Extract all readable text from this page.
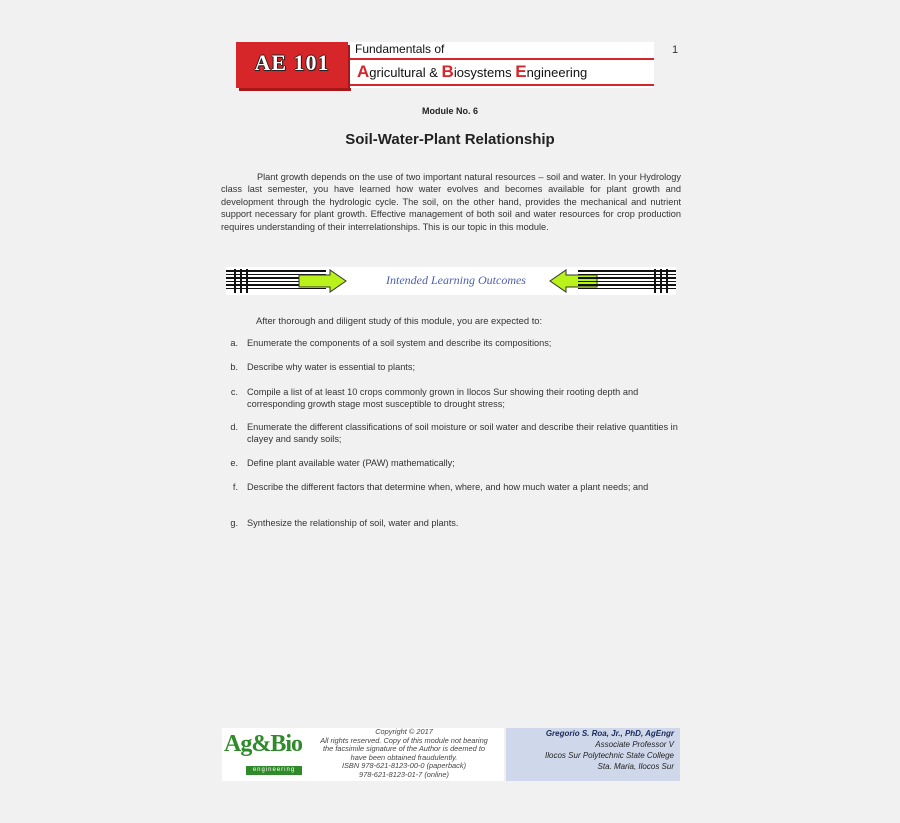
AE 101
Fundamentals of
Agricultural & Biosystems Engineering
1
Module No. 6
Soil-Water-Plant Relationship
Plant growth depends on the use of two important natural resources – soil and water. In your Hydrology class last semester, you have learned how water evolves and becomes available for plant growth and development through the hydrologic cycle. The soil, on the other hand, provides the mechanical and nutrient support necessary for plant growth. Effective management of both soil and water resources for crop production requires understanding of their interrelationships. This is our topic in this module.
Intended Learning Outcomes
After thorough and diligent study of this module, you are expected to:
a. Enumerate the components of a soil system and describe its compositions;
b. Describe why water is essential to plants;
c. Compile a list of at least 10 crops commonly grown in Ilocos Sur showing their rooting depth and corresponding growth stage most susceptible to drought stress;
d. Enumerate the different classifications of soil moisture or soil water and describe their relative quantities in clayey and sandy soils;
e. Define plant available water (PAW) mathematically;
f. Describe the different factors that determine when, where, and how much water a plant needs; and
g. Synthesize the relationship of soil, water and plants.
Ag&Bio
engineering
Copyright © 2017
All rights reserved. Copy of this module not bearing
the facsimile signature of the Author is deemed to
have been obtained fraudulently.
ISBN 978-621-8123-00-0 (paperback)
978-621-8123-01-7 (online)
Gregorio S. Roa, Jr., PhD, AgEngr
Associate Professor V
Ilocos Sur Polytechnic State College
Sta. Maria, Ilocos Sur
